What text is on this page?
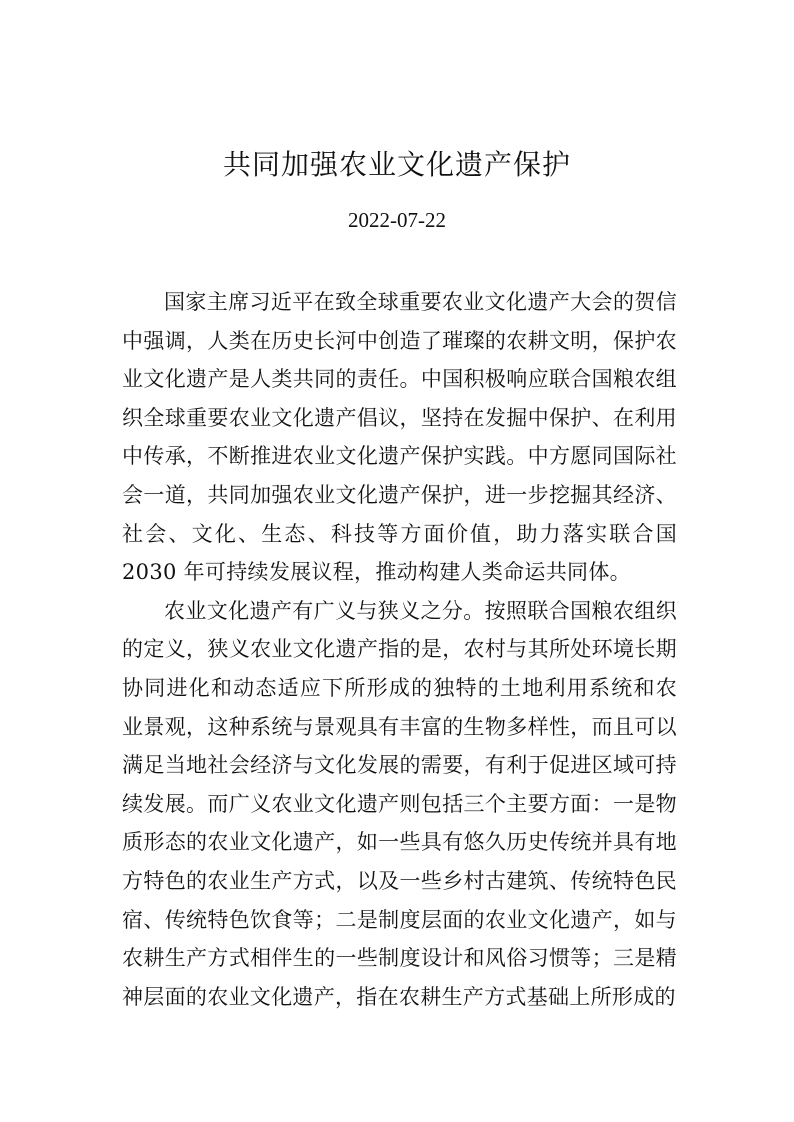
共同加强农业文化遗产保护
2022-07-22

国家主席习近平在致全球重要农业文化遗产大会的贺信中强调，人类在历史长河中创造了璀璨的农耕文明，保护农业文化遗产是人类共同的责任。中国积极响应联合国粮农组织全球重要农业文化遗产倡议，坚持在发掘中保护、在利用中传承，不断推进农业文化遗产保护实践。中方愿同国际社会一道，共同加强农业文化遗产保护，进一步挖掘其经济、社会、文化、生态、科技等方面价值，助力落实联合国 2030 年可持续发展议程，推动构建人类命运共同体。

农业文化遗产有广义与狭义之分。按照联合国粮农组织的定义，狭义农业文化遗产指的是，农村与其所处环境长期协同进化和动态适应下所形成的独特的土地利用系统和农 业景观，这种系统与景观具有丰富的生物多样性，而且可以满足当地社会经济与文化发展的需要，有利于促进区域可持续发展。而广义农业文化遗产则包括三个主要方面：一是物质形态的农业文化遗产，如一些具有悠久历史传统并具有地方特色的农业生产方式，以及一些乡村古建筑、传统特色民宿、传统特色饮食等；二是制度层面的农业文化遗产，如与农耕生产方式相伴生的一些制度设计和风俗习惯等；三是精神层面的农业文化遗产，指在农耕生产方式基础上所形成的
